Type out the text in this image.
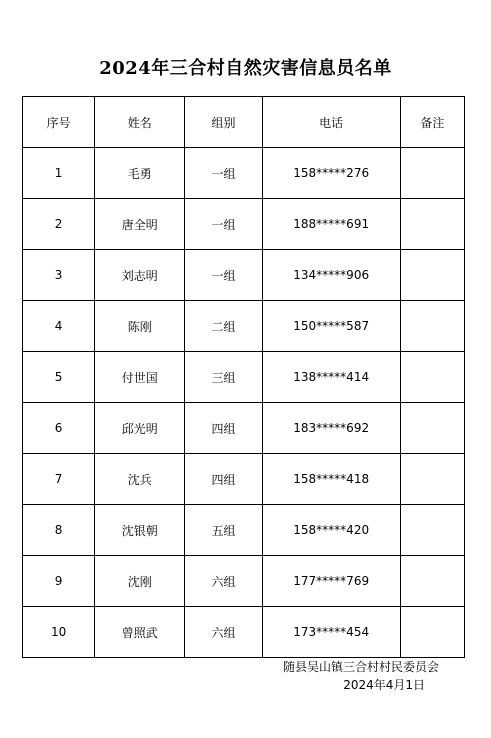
2024年三合村自然灾害信息员名单
序号	姓名	组别	电话	备注
1	毛勇	一组	158*****276	
2	唐全明	一组	188*****691	
3	刘志明	一组	134*****906	
4	陈刚	二组	150*****587	
5	付世国	三组	138*****414	
6	邱光明	四组	183*****692	
7	沈兵	四组	158*****418	
8	沈银朝	五组	158*****420	
9	沈刚	六组	177*****769	
10	曾照武	六组	173*****454	
随县吴山镇三合村村民委员会
2024年4月1日
